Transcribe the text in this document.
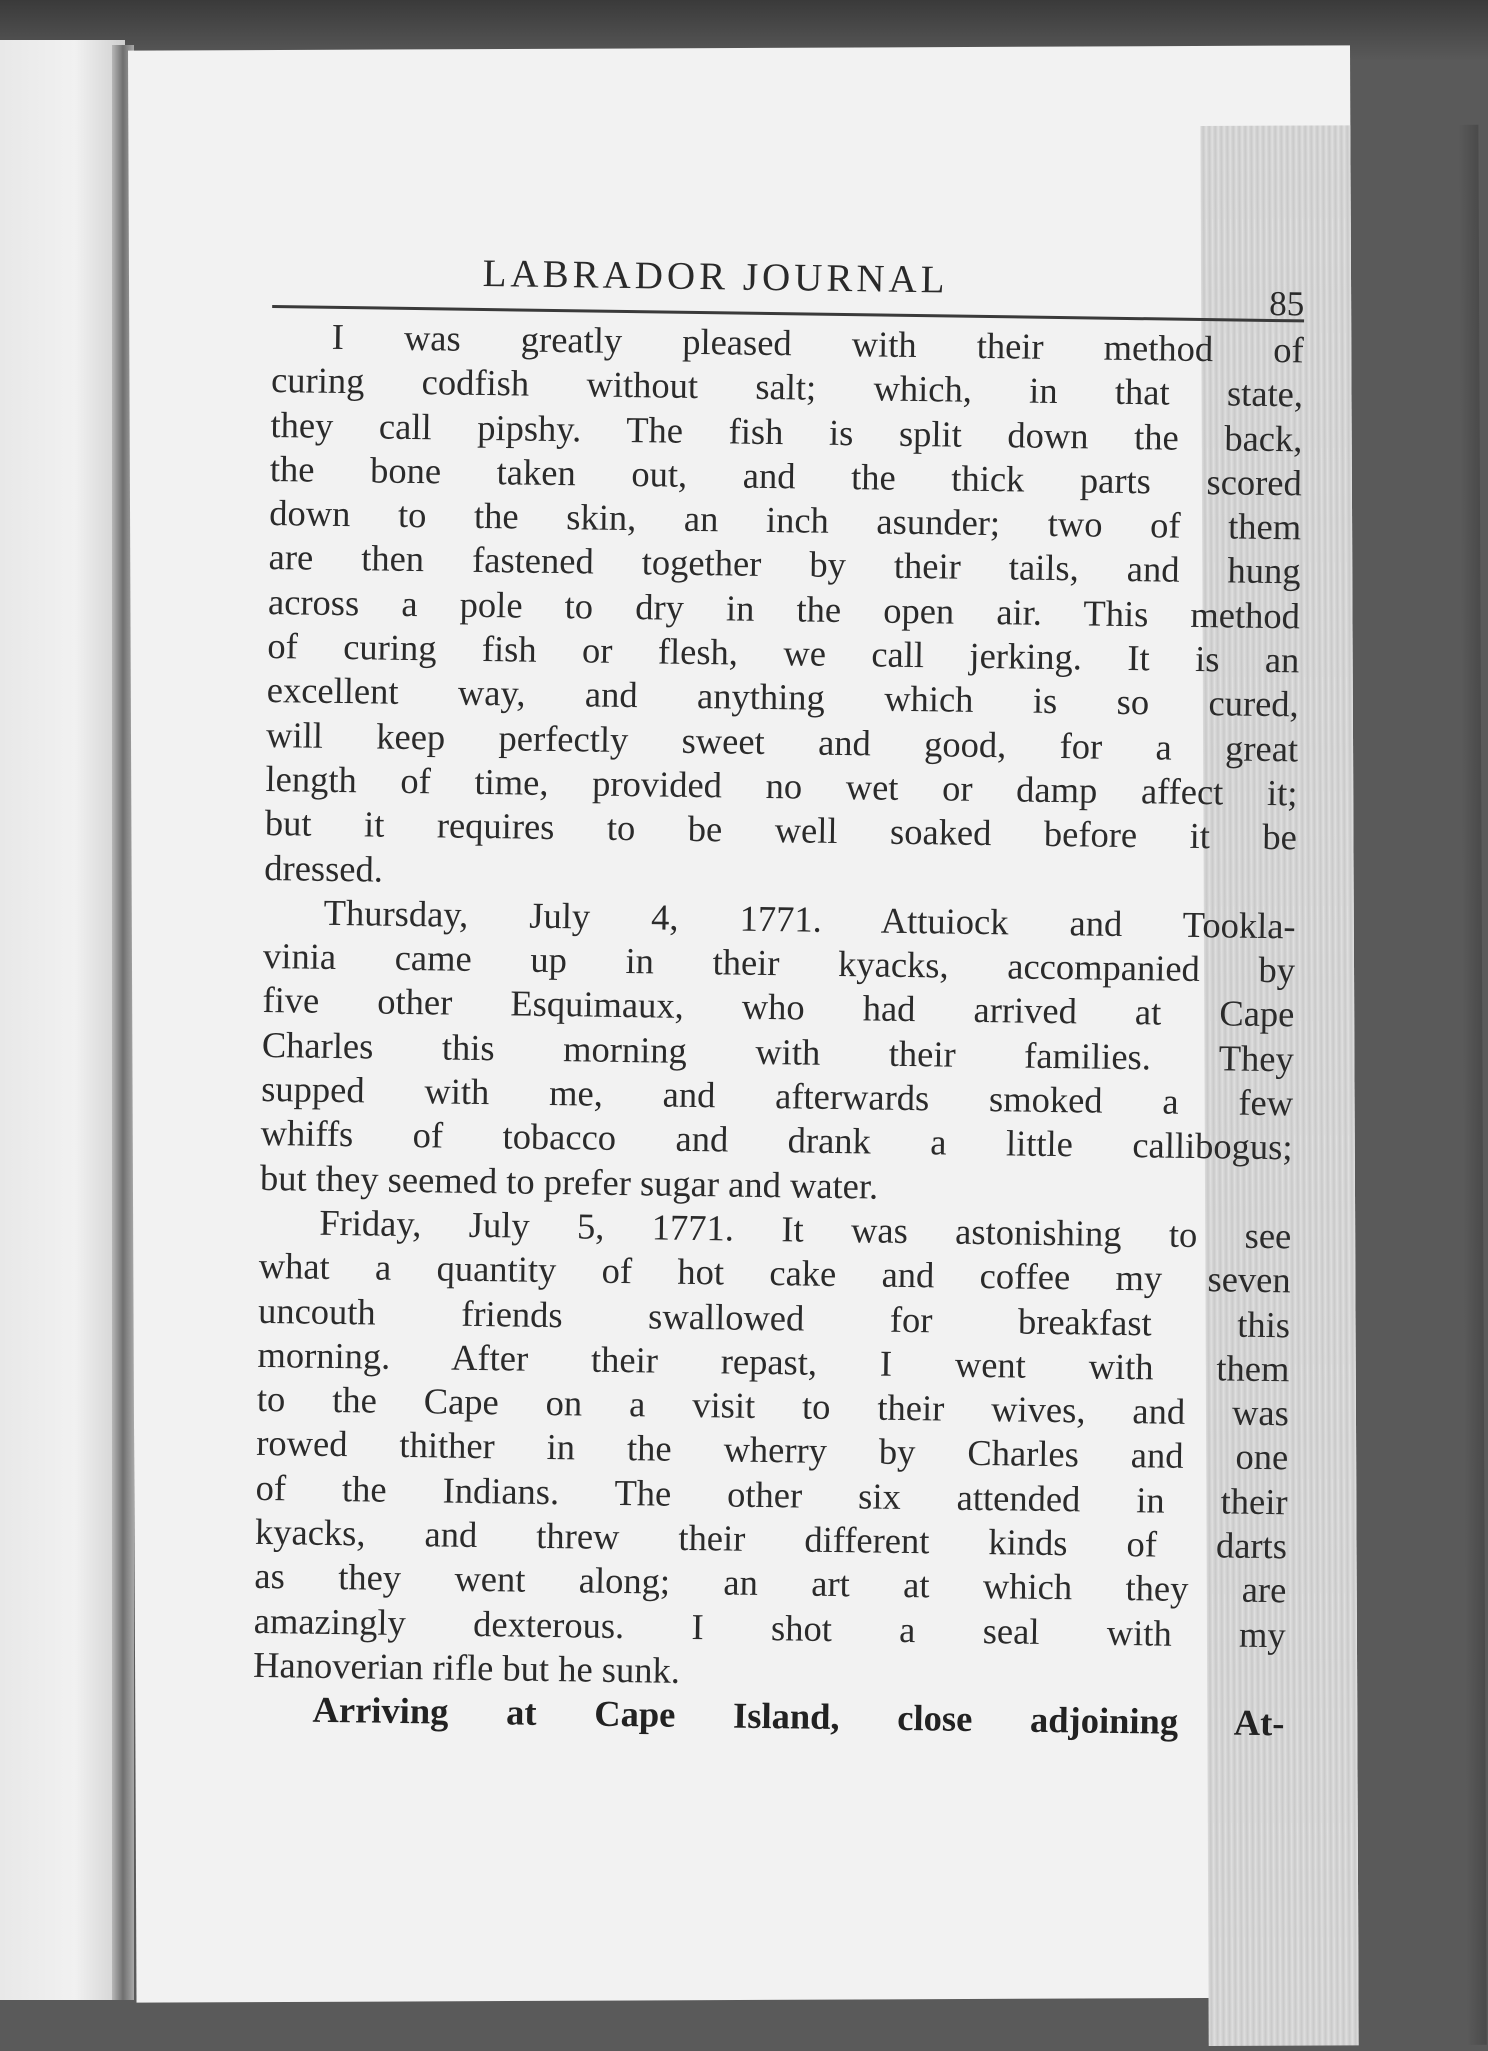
LABRADOR JOURNAL
85
I was greatly pleased with their method of
curing codfish without salt; which, in that state,
they call pipshy. The fish is split down the back,
the bone taken out, and the thick parts scored
down to the skin, an inch asunder; two of them
are then fastened together by their tails, and hung
across a pole to dry in the open air. This method
of curing fish or flesh, we call jerking. It is an
excellent way, and anything which is so cured,
will keep perfectly sweet and good, for a great
length of time, provided no wet or damp affect it;
but it requires to be well soaked before it be
dressed.
Thursday, July 4, 1771. Attuiock and Tookla-
vinia came up in their kyacks, accompanied by
five other Esquimaux, who had arrived at Cape
Charles this morning with their families. They
supped with me, and afterwards smoked a few
whiffs of tobacco and drank a little callibogus;
but they seemed to prefer sugar and water.
Friday, July 5, 1771. It was astonishing to see
what a quantity of hot cake and coffee my seven
uncouth friends swallowed for breakfast this
morning. After their repast, I went with them
to the Cape on a visit to their wives, and was
rowed thither in the wherry by Charles and one
of the Indians. The other six attended in their
kyacks, and threw their different kinds of darts
as they went along; an art at which they are
amazingly dexterous. I shot a seal with my
Hanoverian rifle but he sunk.
Arriving at Cape Island, close adjoining At-
